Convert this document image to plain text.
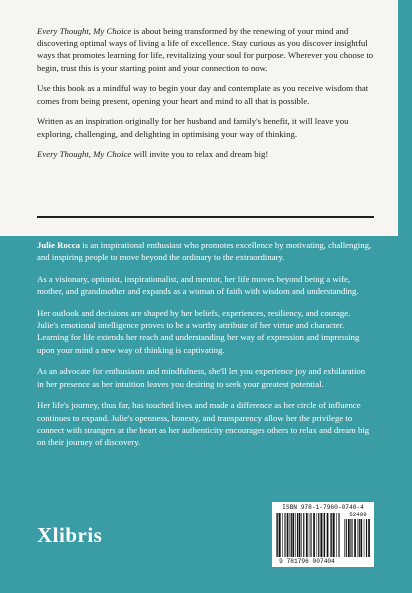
Every Thought, My Choice is about being transformed by the renewing of your mind and discovering optimal ways of living a life of excellence. Stay curious as you discover insightful ways that promotes learning for life, revitalizing your soul for purpose. Wherever you choose to begin, trust this is your starting point and your connection to now.

Use this book as a mindful way to begin your day and contemplate as you receive wisdom that comes from being present, opening your heart and mind to all that is possible.

Written as an inspiration originally for her husband and family's benefit, it will leave you exploring, challenging, and delighting in optimising your way of thinking.

Every Thought, My Choice will invite you to relax and dream big!

Julie Rocca is an inspirational enthusiast who promotes excellence by motivating, challenging, and inspiring people to move beyond the ordinary to the extraordinary.

As a visionary, optimist, inspirationalist, and mentor, her life moves beyond being a wife, mother, and grandmother and expands as a woman of faith with wisdom and understanding.

Her outlook and decisions are shaped by her beliefs, experiences, resiliency, and courage. Julie's emotional intelligence proves to be a worthy attribute of her virtue and character. Learning for life extends her reach and understanding her way of expression and impressing upon your mind a new way of thinking is captivating.

As an advocate for enthusiasm and mindfulness, she'll let you experience joy and exhilaration in her presence as her intuition leaves you desiring to seek your greatest potential.

Her life's journey, thus far, has touched lives and made a difference as her circle of influence continues to expand. Julie's openness, honesty, and transparency allow her the privilege to connect with strangers at the heart as her authenticity encourages others to relax and dream big on their journey of discovery.

Xlibris
ISBN 978-1-7960-0740-4
52499
9 781796 007404
